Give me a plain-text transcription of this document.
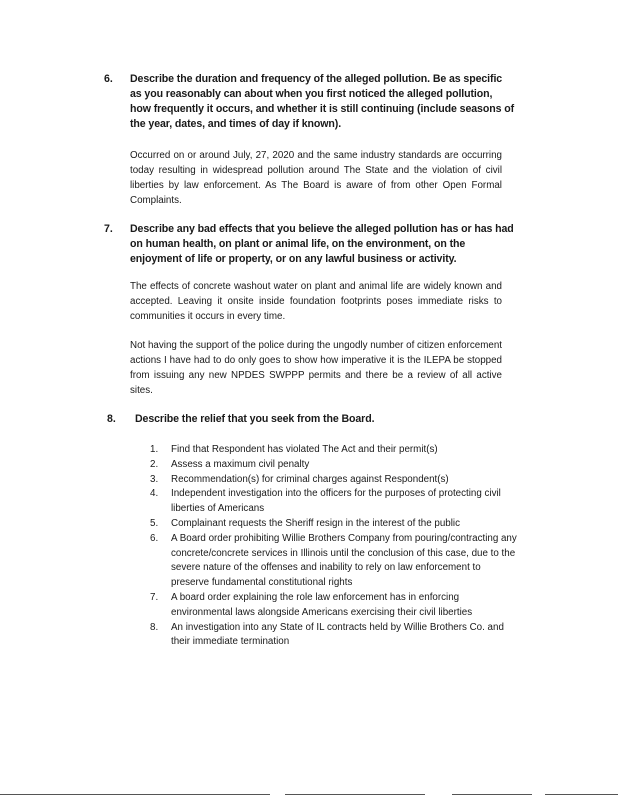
6. Describe the duration and frequency of the alleged pollution. Be as specific as you reasonably can about when you first noticed the alleged pollution, how frequently it occurs, and whether it is still continuing (include seasons of the year, dates, and times of day if known).
Occurred on or around July, 27, 2020 and the same industry standards are occurring today resulting in widespread pollution around The State and the violation of civil liberties by law enforcement. As The Board is aware of from other Open Formal Complaints.
7. Describe any bad effects that you believe the alleged pollution has or has had on human health, on plant or animal life, on the environment, on the enjoyment of life or property, or on any lawful business or activity.
The effects of concrete washout water on plant and animal life are widely known and accepted. Leaving it onsite inside foundation footprints poses immediate risks to communities it occurs in every time.
Not having the support of the police during the ungodly number of citizen enforcement actions I have had to do only goes to show how imperative it is the ILEPA be stopped from issuing any new NPDES SWPPP permits and there be a review of all active sites.
8. Describe the relief that you seek from the Board.
1.	Find that Respondent has violated The Act and their permit(s)
2.	Assess a maximum civil penalty
3.	Recommendation(s) for criminal charges against Respondent(s)
4.	Independent investigation into the officers for the purposes of protecting civil liberties of Americans
5.	Complainant requests the Sheriff resign in the interest of the public
6.	A Board order prohibiting Willie Brothers Company from pouring/contracting any concrete/concrete services in Illinois until the conclusion of this case, due to the severe nature of the offenses and inability to rely on law enforcement to preserve fundamental constitutional rights
7.	A board order explaining the role law enforcement has in enforcing environmental laws alongside Americans exercising their civil liberties
8.	An investigation into any State of IL contracts held by Willie Brothers Co. and their immediate termination
